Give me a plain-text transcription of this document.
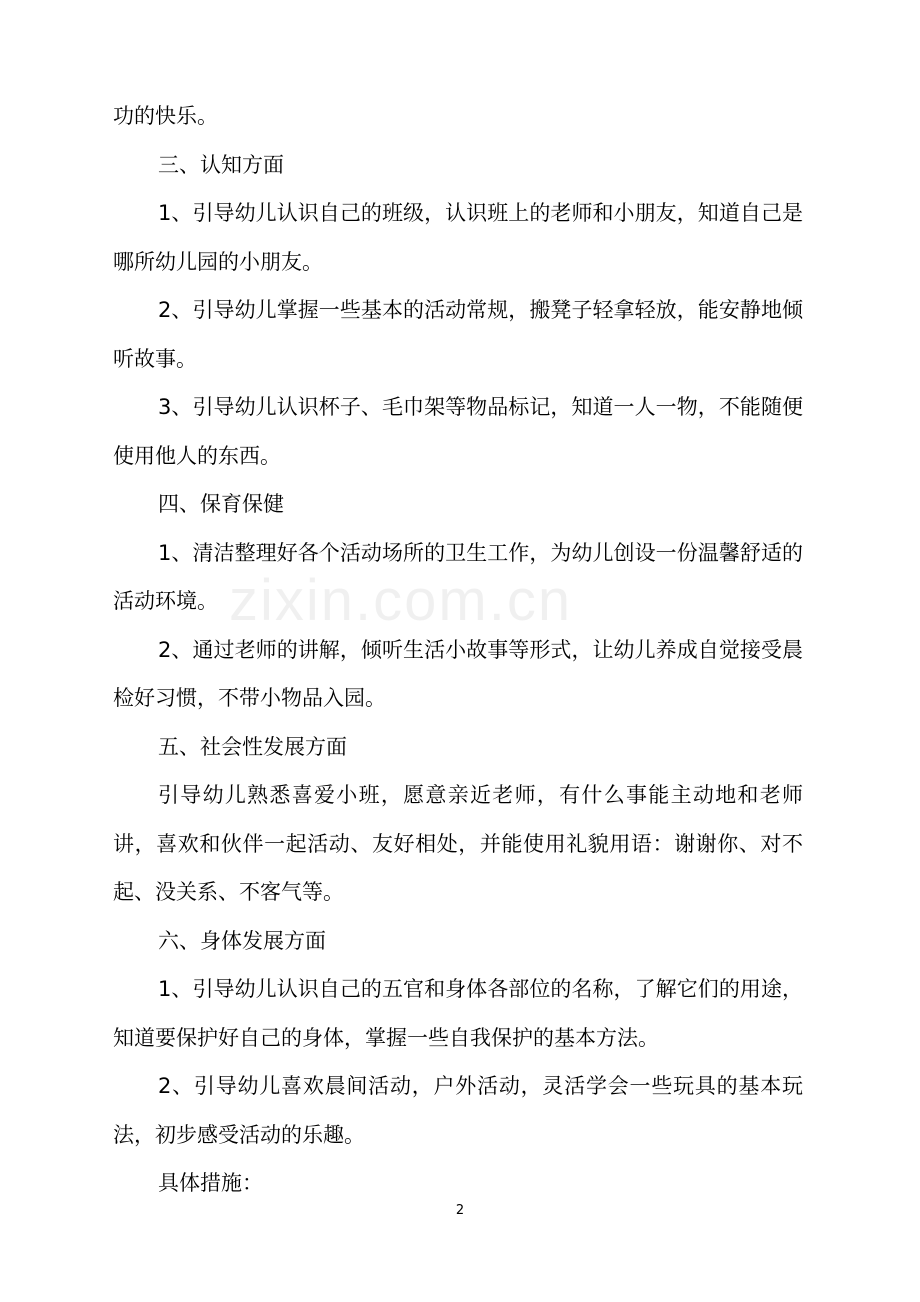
zixin.com.cn

功的快乐。

三、认知方面

1、引导幼儿认识自己的班级，认识班上的老师和小朋友，知道自己是哪所幼儿园的小朋友。

2、引导幼儿掌握一些基本的活动常规，搬凳子轻拿轻放，能安静地倾听故事。

3、引导幼儿认识杯子、毛巾架等物品标记，知道一人一物，不能随便使用他人的东西。

四、保育保健

1、清洁整理好各个活动场所的卫生工作，为幼儿创设一份温馨舒适的活动环境。

2、通过老师的讲解，倾听生活小故事等形式，让幼儿养成自觉接受晨检好习惯，不带小物品入园。

五、社会性发展方面

引导幼儿熟悉喜爱小班，愿意亲近老师，有什么事能主动地和老师讲，喜欢和伙伴一起活动、友好相处，并能使用礼貌用语：谢谢你、对不起、没关系、不客气等。

六、身体发展方面

1、引导幼儿认识自己的五官和身体各部位的名称，了解它们的用途，知道要保护好自己的身体，掌握一些自我保护的基本方法。

2、引导幼儿喜欢晨间活动，户外活动，灵活学会一些玩具的基本玩法，初步感受活动的乐趣。

具体措施：

2
